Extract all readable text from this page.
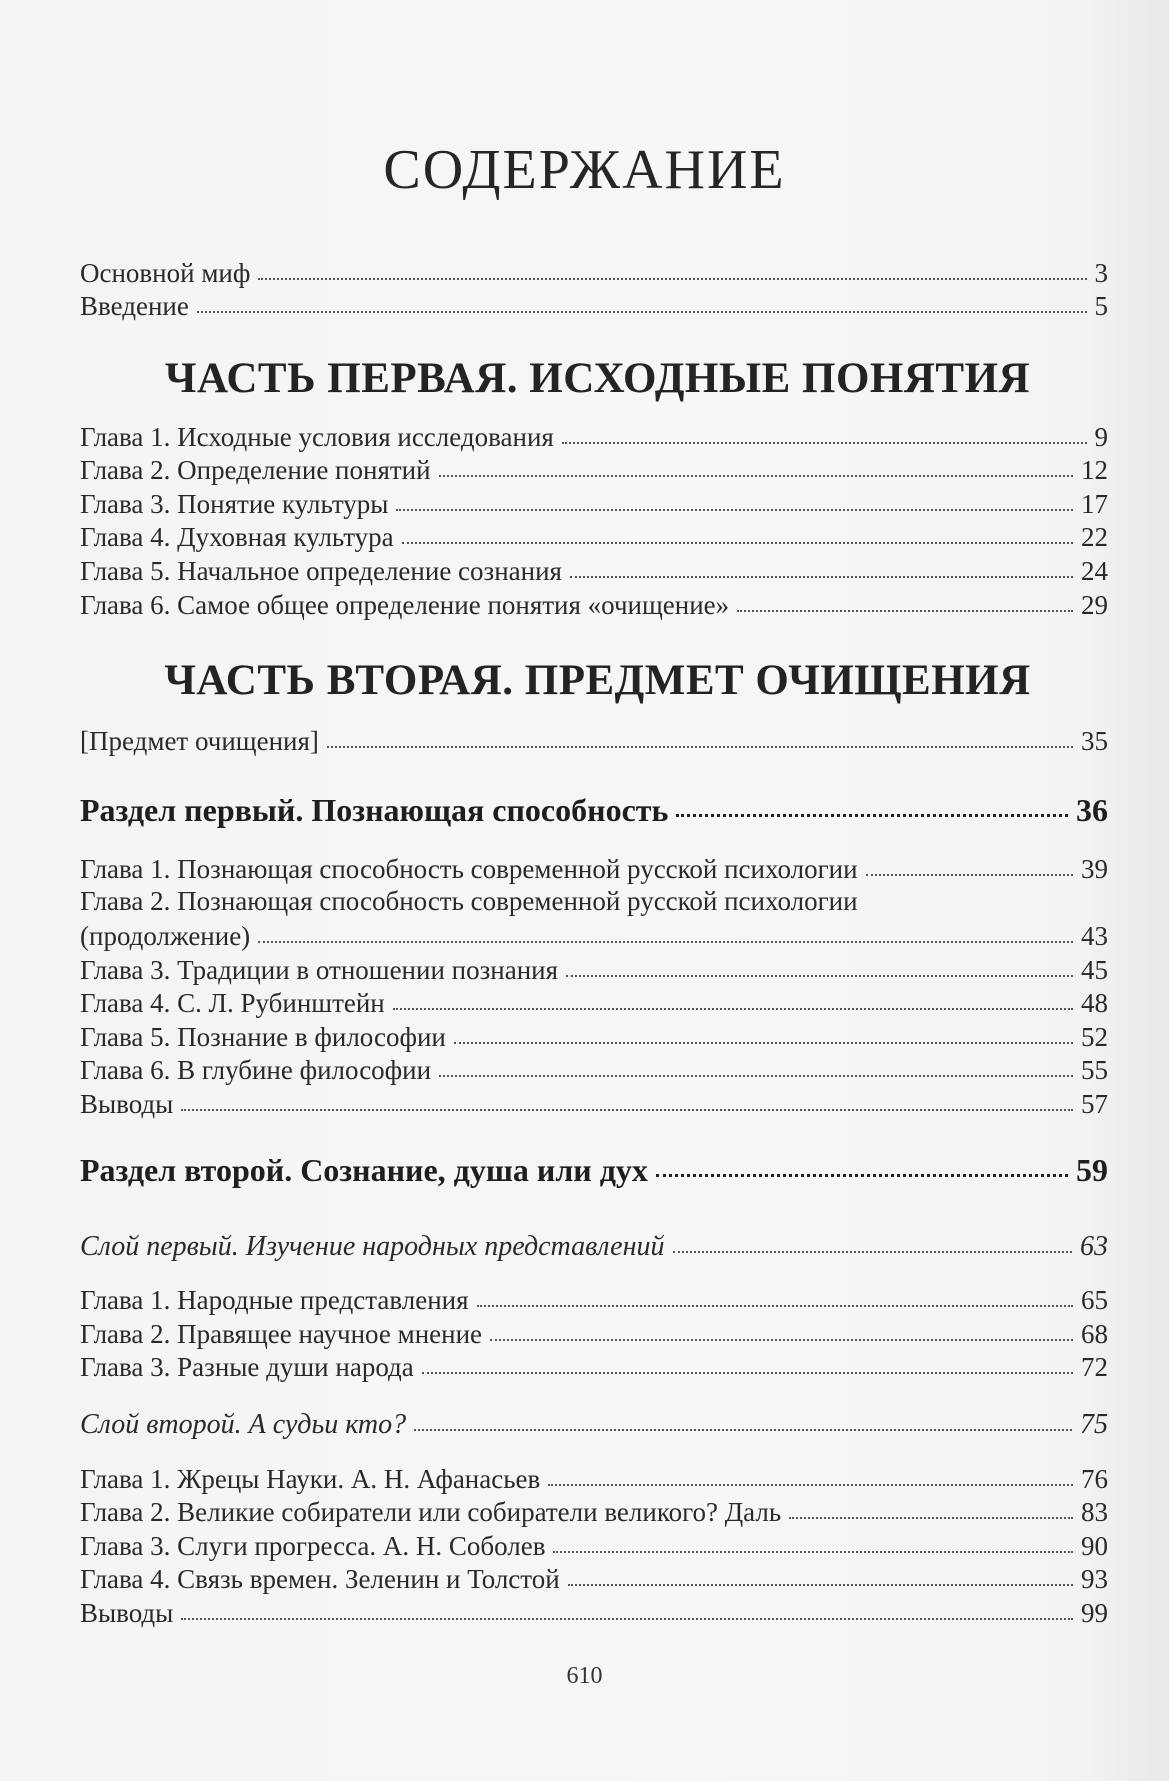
СОДЕРЖАНИЕ
Основной миф	3
Введение	5
ЧАСТЬ ПЕРВАЯ. ИСХОДНЫЕ ПОНЯТИЯ
Глава 1. Исходные условия исследования	9
Глава 2. Определение понятий	12
Глава 3. Понятие культуры	17
Глава 4. Духовная культура	22
Глава 5. Начальное определение сознания	24
Глава 6. Самое общее определение понятия «очищение»	29
ЧАСТЬ ВТОРАЯ. ПРЕДМЕТ ОЧИЩЕНИЯ
[Предмет очищения]	35
Раздел первый. Познающая способность	36
Глава 1. Познающая способность современной русской психологии	39
Глава 2. Познающая способность современной русской психологии
(продолжение)	43
Глава 3. Традиции в отношении познания	45
Глава 4. С. Л. Рубинштейн	48
Глава 5. Познание в философии	52
Глава 6. В глубине философии	55
Выводы	57
Раздел второй. Сознание, душа или дух	59
Слой первый. Изучение народных представлений	63
Глава 1. Народные представления	65
Глава 2. Правящее научное мнение	68
Глава 3. Разные души народа	72
Слой второй. А судьи кто?	75
Глава 1. Жрецы Науки. А. Н. Афанасьев	76
Глава 2. Великие собиратели или собиратели великого? Даль	83
Глава 3. Слуги прогресса. А. Н. Соболев	90
Глава 4. Связь времен. Зеленин и Толстой	93
Выводы	99
610
